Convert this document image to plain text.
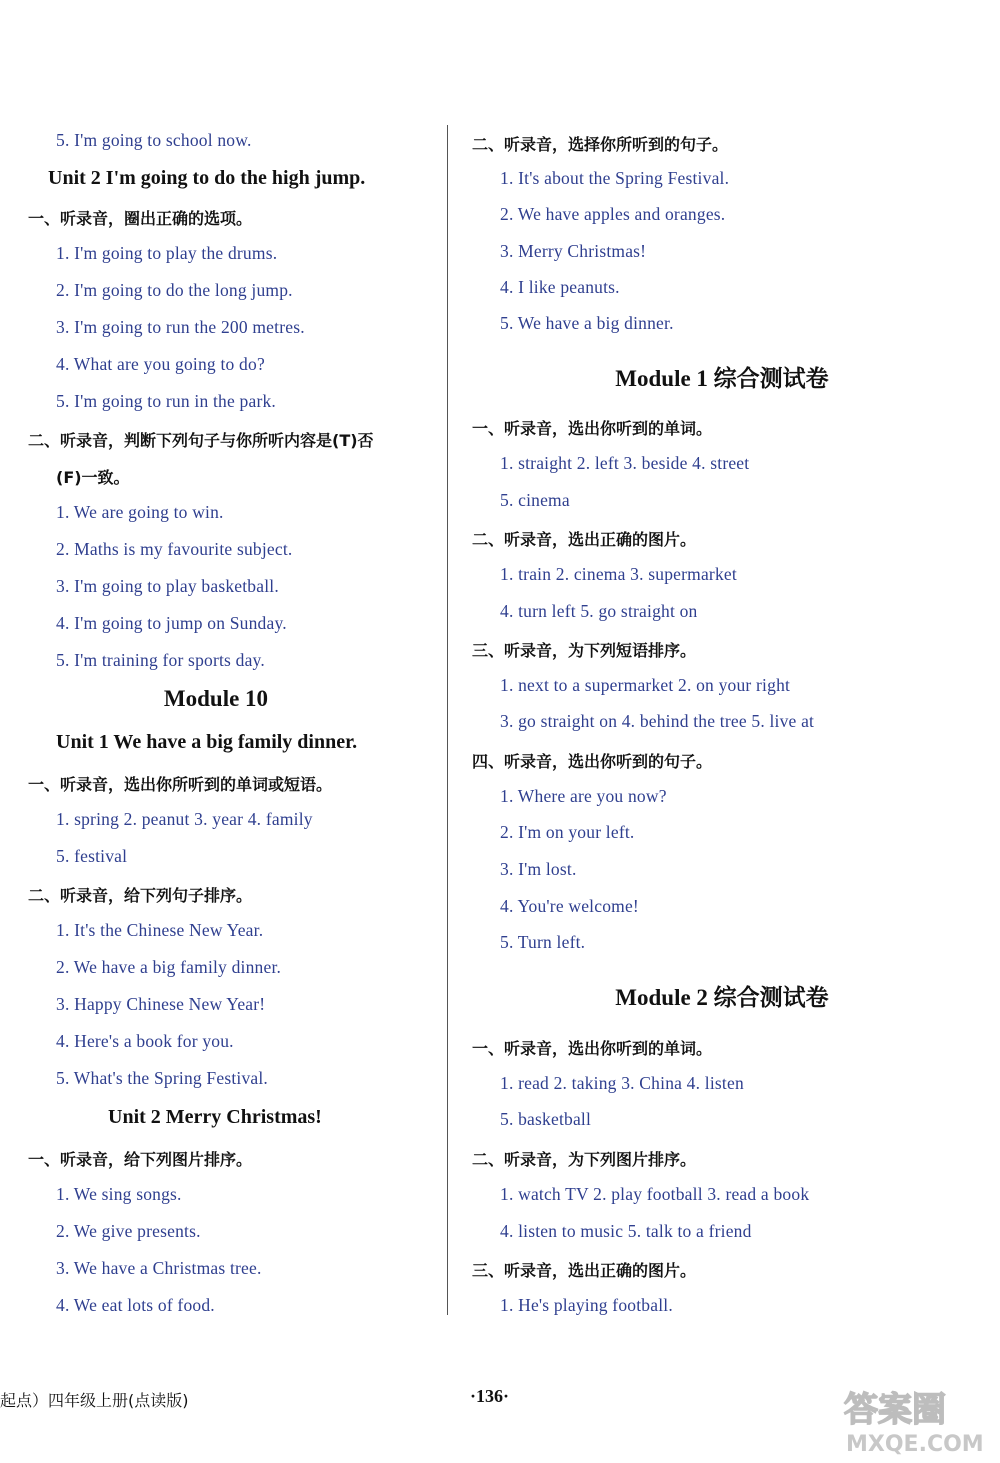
5. I'm going to school now.
Unit 2 I'm going to do the high jump.
一、听录音，圈出正确的选项。
1. I'm going to play the drums.
2. I'm going to do the long jump.
3. I'm going to run the 200 metres.
4. What are you going to do?
5. I'm going to run in the park.
二、听录音，判断下列句子与你所听内容是(T)否
(F)一致。
1. We are going to win.
2. Maths is my favourite subject.
3. I'm going to play basketball.
4. I'm going to jump on Sunday.
5. I'm training for sports day.
Module 10
Unit 1 We have a big family dinner.
一、听录音，选出你所听到的单词或短语。
1. spring 2. peanut 3. year 4. family
5. festival
二、听录音，给下列句子排序。
1. It's the Chinese New Year.
2. We have a big family dinner.
3. Happy Chinese New Year!
4. Here's a book for you.
5. What's the Spring Festival.
Unit 2 Merry Christmas!
一、听录音，给下列图片排序。
1. We sing songs.
2. We give presents.
3. We have a Christmas tree.
4. We eat lots of food.
二、听录音，选择你所听到的句子。
1. It's about the Spring Festival.
2. We have apples and oranges.
3. Merry Christmas!
4. I like peanuts.
5. We have a big dinner.
Module 1 综合测试卷
一、听录音，选出你听到的单词。
1. straight 2. left 3. beside 4. street
5. cinema
二、听录音，选出正确的图片。
1. train 2. cinema 3. supermarket
4. turn left 5. go straight on
三、听录音，为下列短语排序。
1. next to a supermarket 2. on your right
3. go straight on 4. behind the tree 5. live at
四、听录音，选出你听到的句子。
1. Where are you now?
2. I'm on your left.
3. I'm lost.
4. You're welcome!
5. Turn left.
Module 2 综合测试卷
一、听录音，选出你听到的单词。
1. read 2. taking 3. China 4. listen
5. basketball
二、听录音，为下列图片排序。
1. watch TV 2. play football 3. read a book
4. listen to music 5. talk to a friend
三、听录音，选出正确的图片。
1. He's playing football.
起点）四年级上册(点读版)	·136·	答案圈
MXQE.COM
